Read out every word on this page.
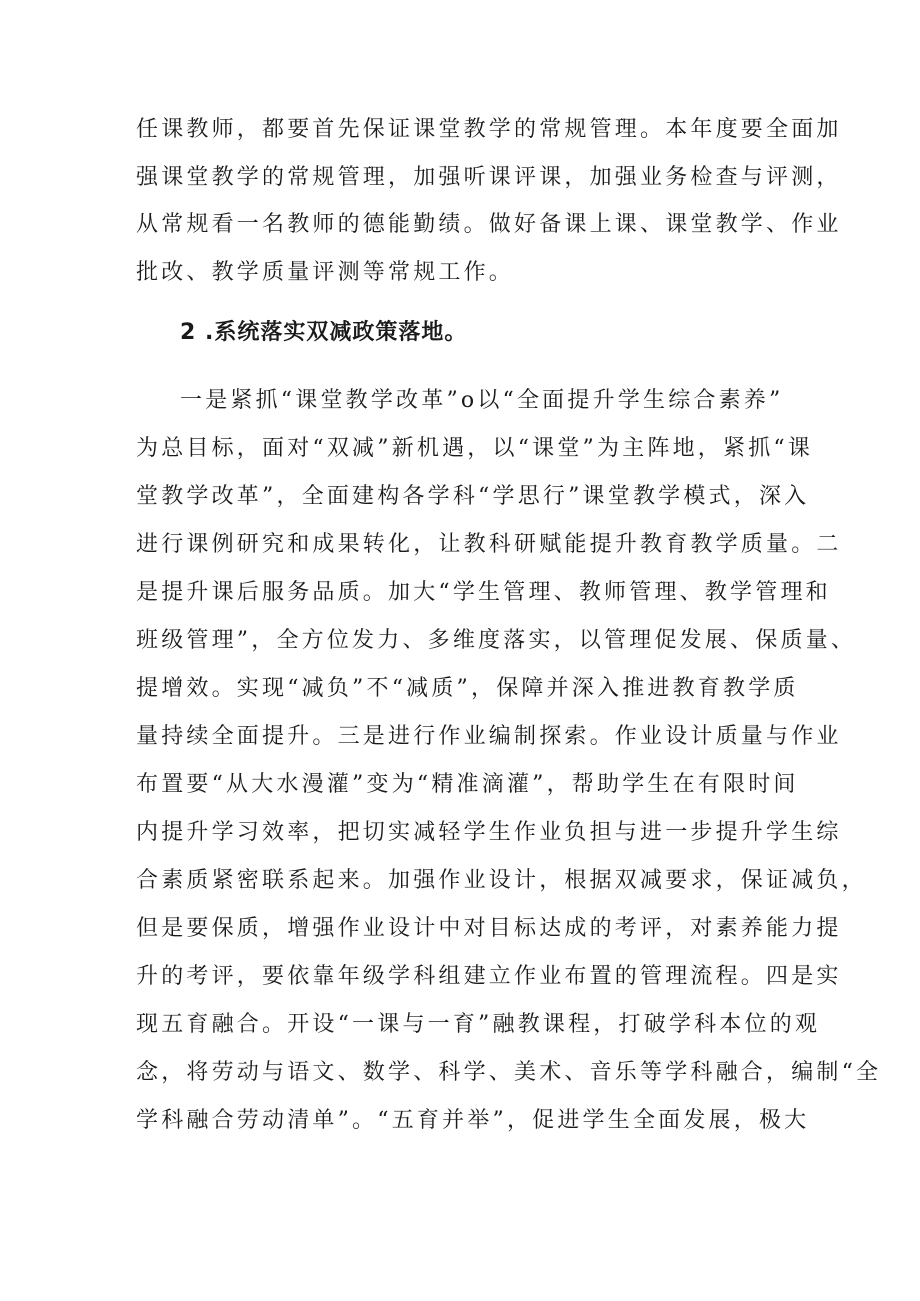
任课教师，都要首先保证课堂教学的常规管理。本年度要全面加
强课堂教学的常规管理，加强听课评课，加强业务检查与评测，
从常规看一名教师的德能勤绩。做好备课上课、课堂教学、作业
批改、教学质量评测等常规工作。
2 .系统落实双减政策落地。
一是紧抓“课堂教学改革”o以“全面提升学生综合素养”
为总目标，面对“双减”新机遇，以“课堂”为主阵地，紧抓“课
堂教学改革”，全面建构各学科“学思行”课堂教学模式，深入
进行课例研究和成果转化，让教科研赋能提升教育教学质量。二
是提升课后服务品质。加大“学生管理、教师管理、教学管理和
班级管理”，全方位发力、多维度落实，以管理促发展、保质量、
提增效。实现“减负”不“减质”，保障并深入推进教育教学质
量持续全面提升。三是进行作业编制探索。作业设计质量与作业
布置要“从大水漫灌”变为“精准滴灌”，帮助学生在有限时间
内提升学习效率，把切实减轻学生作业负担与进一步提升学生综
合素质紧密联系起来。加强作业设计，根据双减要求，保证减负，
但是要保质，增强作业设计中对目标达成的考评，对素养能力提
升的考评，要依靠年级学科组建立作业布置的管理流程。四是实
现五育融合。开设“一课与一育”融教课程，打破学科本位的观
念，将劳动与语文、数学、科学、美术、音乐等学科融合，编制“全
学科融合劳动清单”。“五育并举”，促进学生全面发展，极大
